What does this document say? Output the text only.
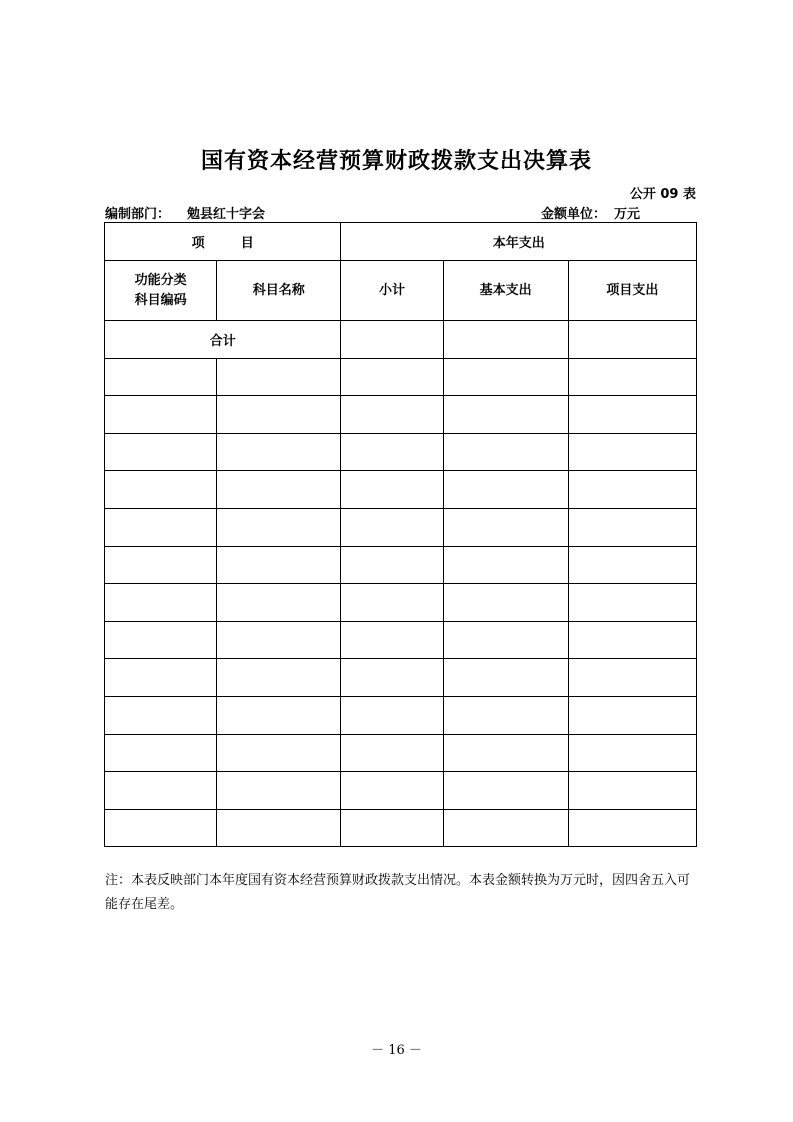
国有资本经营预算财政拨款支出决算表
公开 09 表
编制部门： 勉县红十字会	金额单位： 万元
项        目		本年支出		

功能分类
科目编码	科目名称	小计	基本支出	项目支出
合计				

注：本表反映部门本年度国有资本经营预算财政拨款支出情况。本表金额转换为万元时，因四舍五入可能存在尾差。
－ 16 －
